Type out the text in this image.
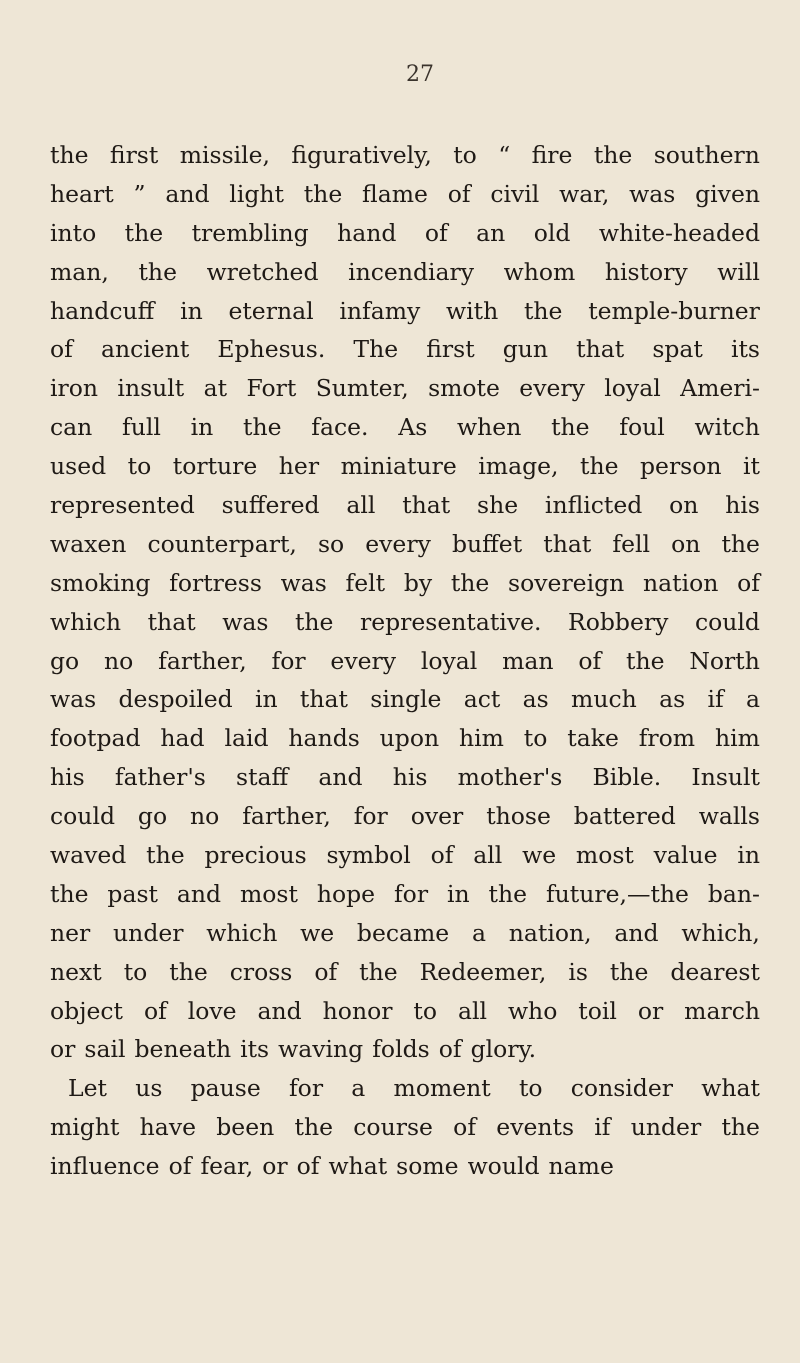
27
the first missile, figuratively, to “ fire the southern
heart ” and light the flame of civil war, was given
into the trembling hand of an old white-headed
man, the wretched incendiary whom history will
handcuff in eternal infamy with the temple-burner
of ancient Ephesus. The first gun that spat its
iron insult at Fort Sumter, smote every loyal Ameri-
can full in the face. As when the foul witch
used to torture her miniature image, the person it
represented suffered all that she inflicted on his
waxen counterpart, so every buffet that fell on the
smoking fortress was felt by the sovereign nation of
which that was the representative. Robbery could
go no farther, for every loyal man of the North
was despoiled in that single act as much as if a
footpad had laid hands upon him to take from him
his father's staff and his mother's Bible. Insult
could go no farther, for over those battered walls
waved the precious symbol of all we most value in
the past and most hope for in the future,—the ban-
ner under which we became a nation, and which,
next to the cross of the Redeemer, is the dearest
object of love and honor to all who toil or march
or sail beneath its waving folds of glory.
Let us pause for a moment to consider what
might have been the course of events if under the
influence of fear, or of what some would name
